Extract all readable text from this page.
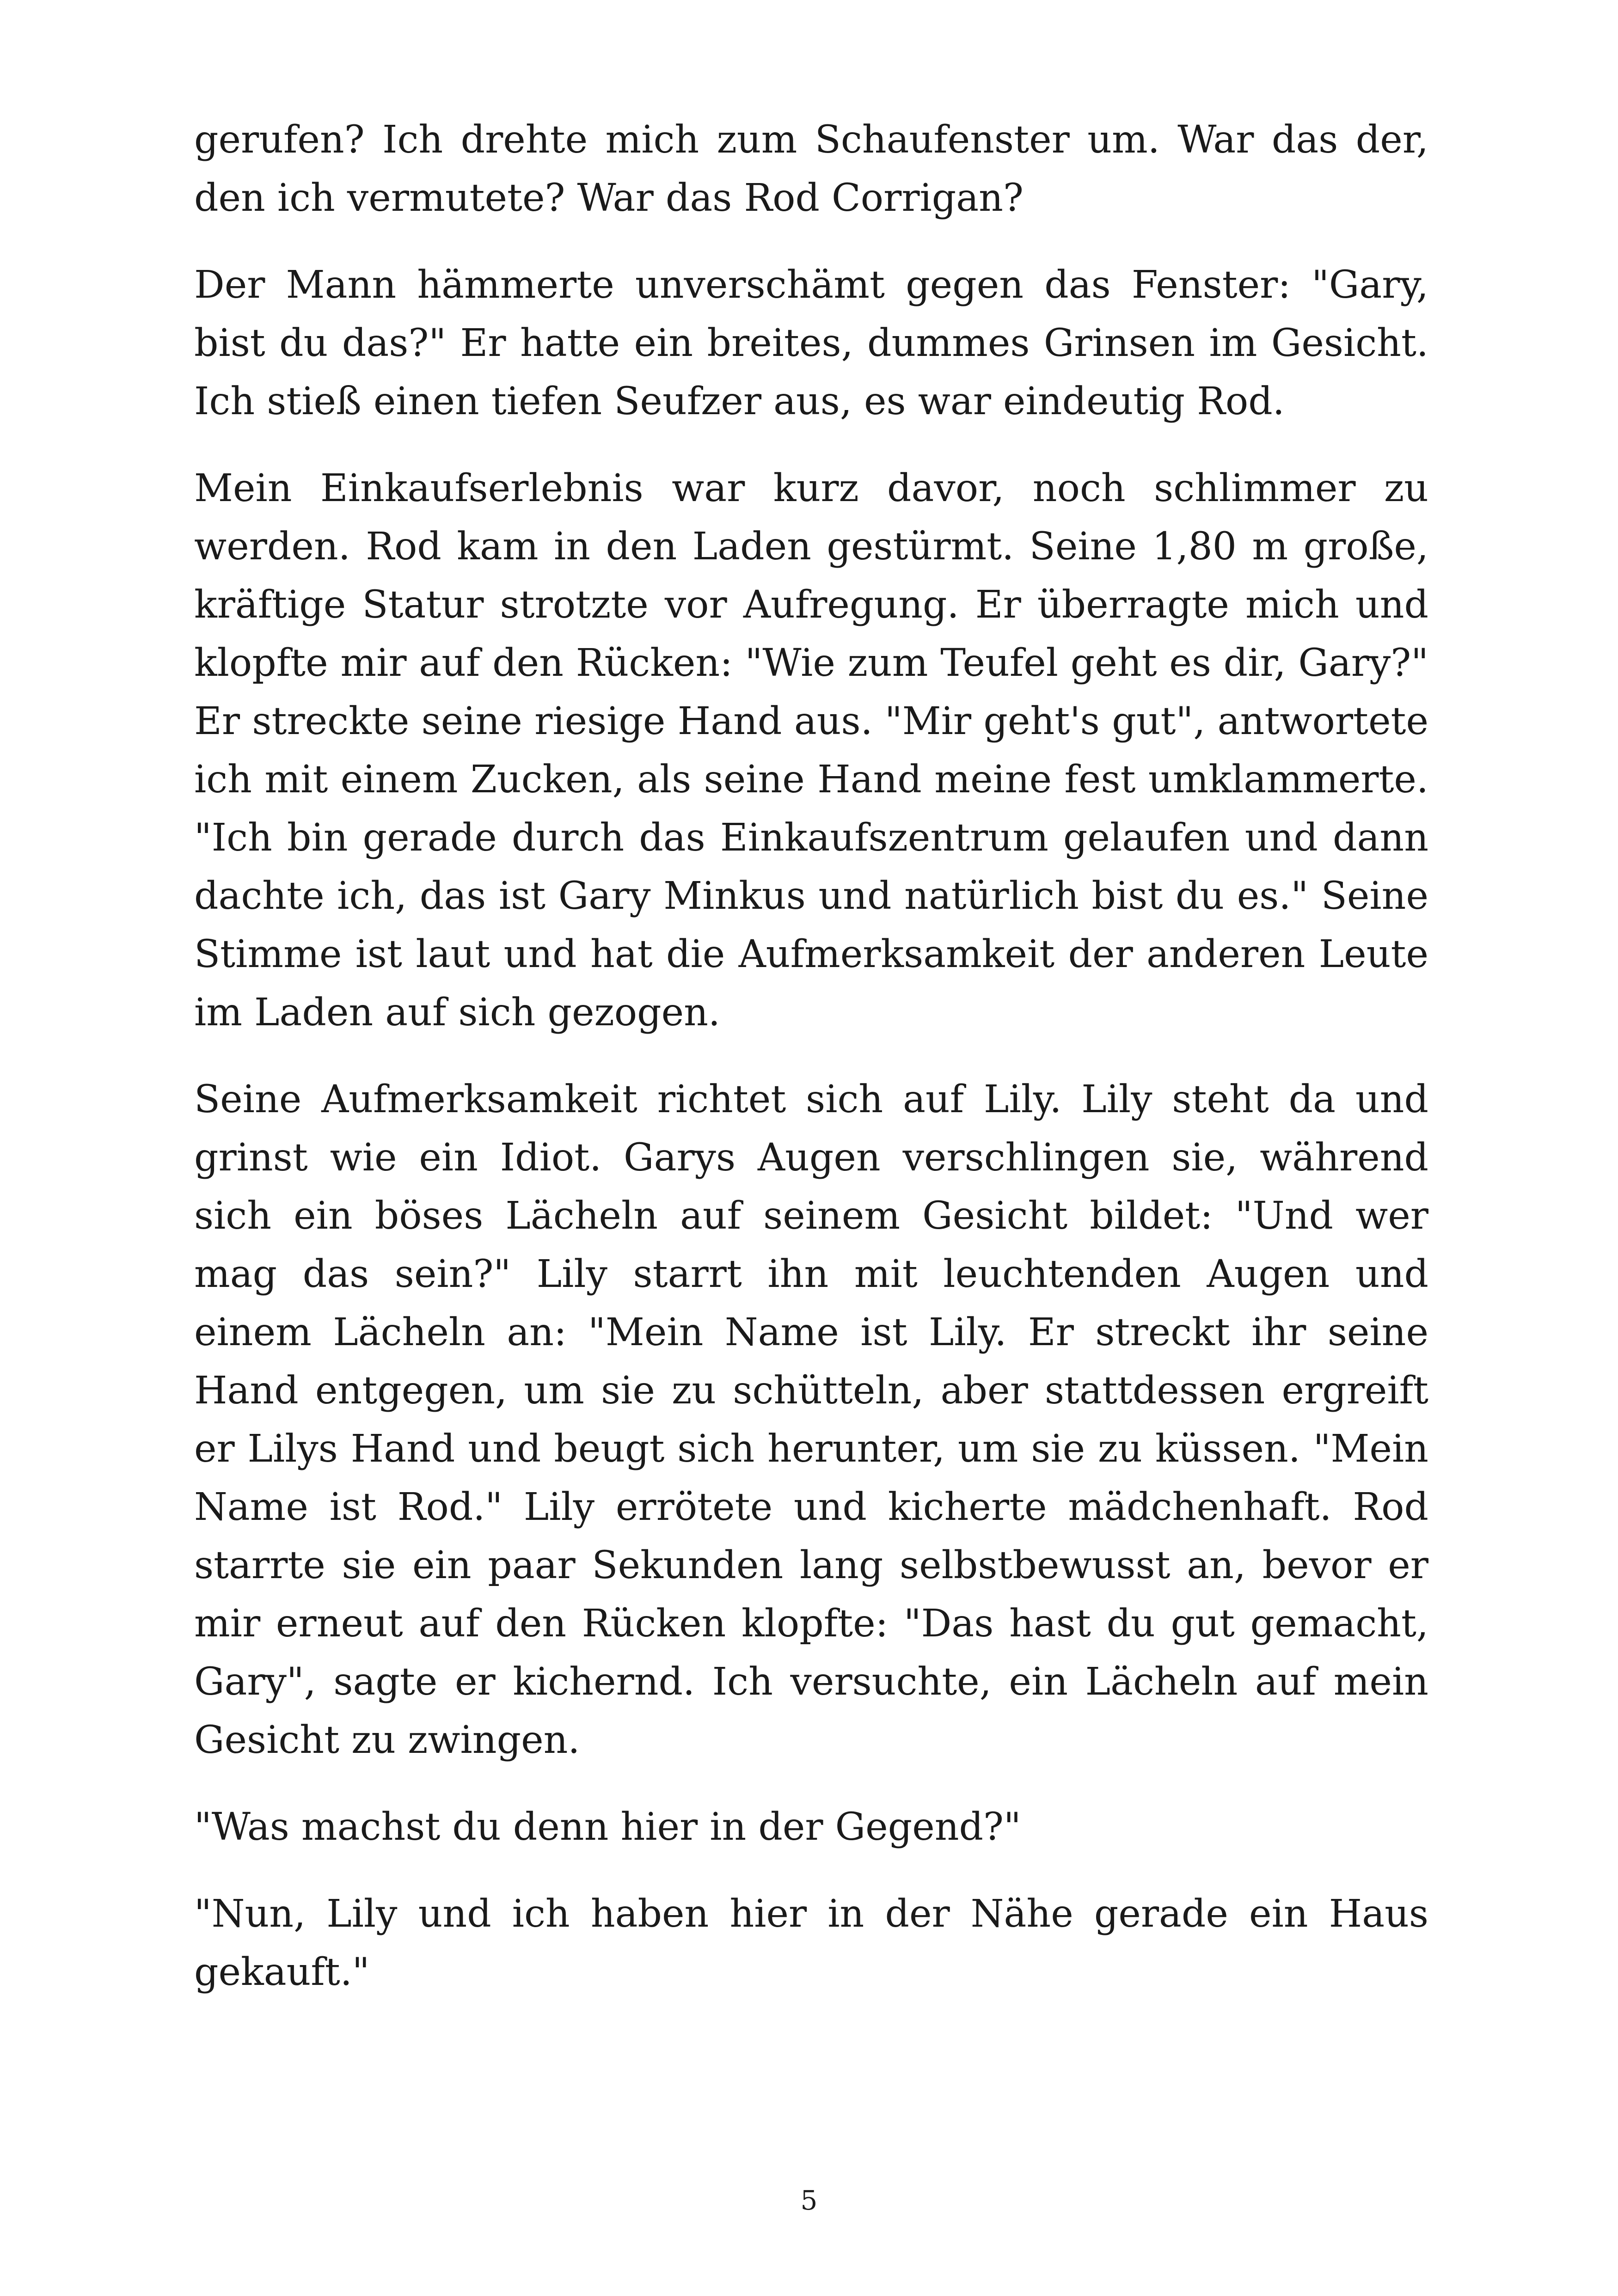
gerufen? Ich drehte mich zum Schaufenster um. War das der, den ich vermutete? War das Rod Corrigan?

Der Mann hämmerte unverschämt gegen das Fenster: "Gary, bist du das?" Er hatte ein breites, dummes Grinsen im Gesicht. Ich stieß einen tiefen Seufzer aus, es war eindeutig Rod.

Mein Einkaufserlebnis war kurz davor, noch schlimmer zu werden. Rod kam in den Laden gestürmt. Seine 1,80 m große, kräftige Statur strotzte vor Aufregung. Er überragte mich und klopfte mir auf den Rücken: "Wie zum Teufel geht es dir, Gary?" Er streckte seine riesige Hand aus. "Mir geht's gut", antwortete ich mit einem Zucken, als seine Hand meine fest umklammerte. "Ich bin gerade durch das Einkaufszentrum gelaufen und dann dachte ich, das ist Gary Minkus und natürlich bist du es." Seine Stimme ist laut und hat die Aufmerksamkeit der anderen Leute im Laden auf sich gezogen.

Seine Aufmerksamkeit richtet sich auf Lily. Lily steht da und grinst wie ein Idiot. Garys Augen verschlingen sie, während sich ein böses Lächeln auf seinem Gesicht bildet: "Und wer mag das sein?" Lily starrt ihn mit leuchtenden Augen und einem Lächeln an: "Mein Name ist Lily. Er streckt ihr seine Hand entgegen, um sie zu schütteln, aber stattdessen ergreift er Lilys Hand und beugt sich herunter, um sie zu küssen. "Mein Name ist Rod." Lily errötete und kicherte mädchenhaft. Rod starrte sie ein paar Sekunden lang selbstbewusst an, bevor er mir erneut auf den Rücken klopfte: "Das hast du gut gemacht, Gary", sagte er kichernd. Ich versuchte, ein Lächeln auf mein Gesicht zu zwingen.

"Was machst du denn hier in der Gegend?"

"Nun, Lily und ich haben hier in der Nähe gerade ein Haus gekauft."

5
